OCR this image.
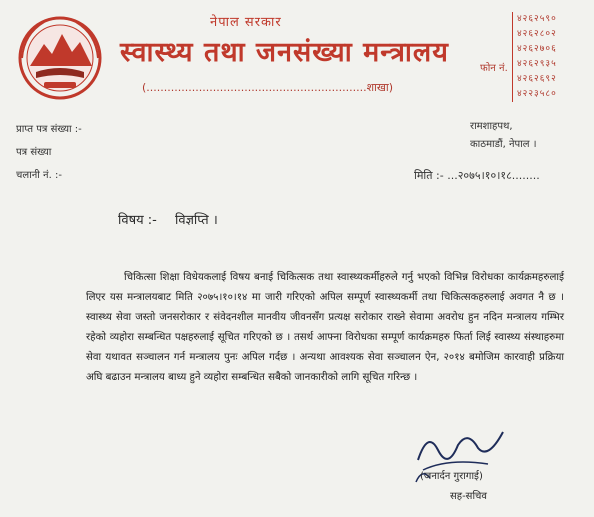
नेपाल सरकार
स्वास्थ्य तथा जनसंख्या मन्त्रालय
(...............................................................शाखा)
फोन नं.
४२६२५९०
४२६२८०२
४२६२७०६
४२६२९३५
४२६२६९२
४२२३५८०
प्राप्त पत्र संख्या :-
पत्र संख्या
चलानी नं. :-
रामशाहपथ,
काठमाडौं, नेपाल ।
मिति :- ...२०७५।१०।१८........
विषय :- विज्ञप्ति ।
चिकित्सा शिक्षा विधेयकलाई विषय बनाई चिकित्सक तथा स्वास्थ्यकर्मीहरुले गर्नु भएको विभिन्न विरोधका कार्यक्रमहरुलाई लिएर यस मन्त्रालयबाट मिति २०७५।१०।१४ मा जारी गरिएको अपिल सम्पूर्ण स्वास्थ्यकर्मी तथा चिकित्सकहरुलाई अवगत नै छ । स्वास्थ्य सेवा जस्तो जनसरोकार र संवेदनशील मानवीय जीवनसँग प्रत्यक्ष सरोकार राख्ने सेवामा अवरोध हुन नदिन मन्त्रालय गम्भिर रहेको व्यहोरा सम्बन्धित पक्षहरुलाई सूचित गरिएको छ । तसर्थ आफ्ना विरोधका सम्पूर्ण कार्यक्रमहरु फिर्ता लिई स्वास्थ्य संस्थाहरुमा सेवा यथावत सञ्चालन गर्न मन्त्रालय पुनः अपिल गर्दछ । अन्यथा आवश्यक सेवा सञ्चालन ऐन, २०१४ बमोजिम कारवाही प्रक्रिया अघि बढाउन मन्त्रालय बाध्य हुने व्यहोरा सम्बन्धित सबैको जानकारीको लागि सूचित गरिन्छ ।
(जनार्दन गुरागाई)
सह-सचिव
